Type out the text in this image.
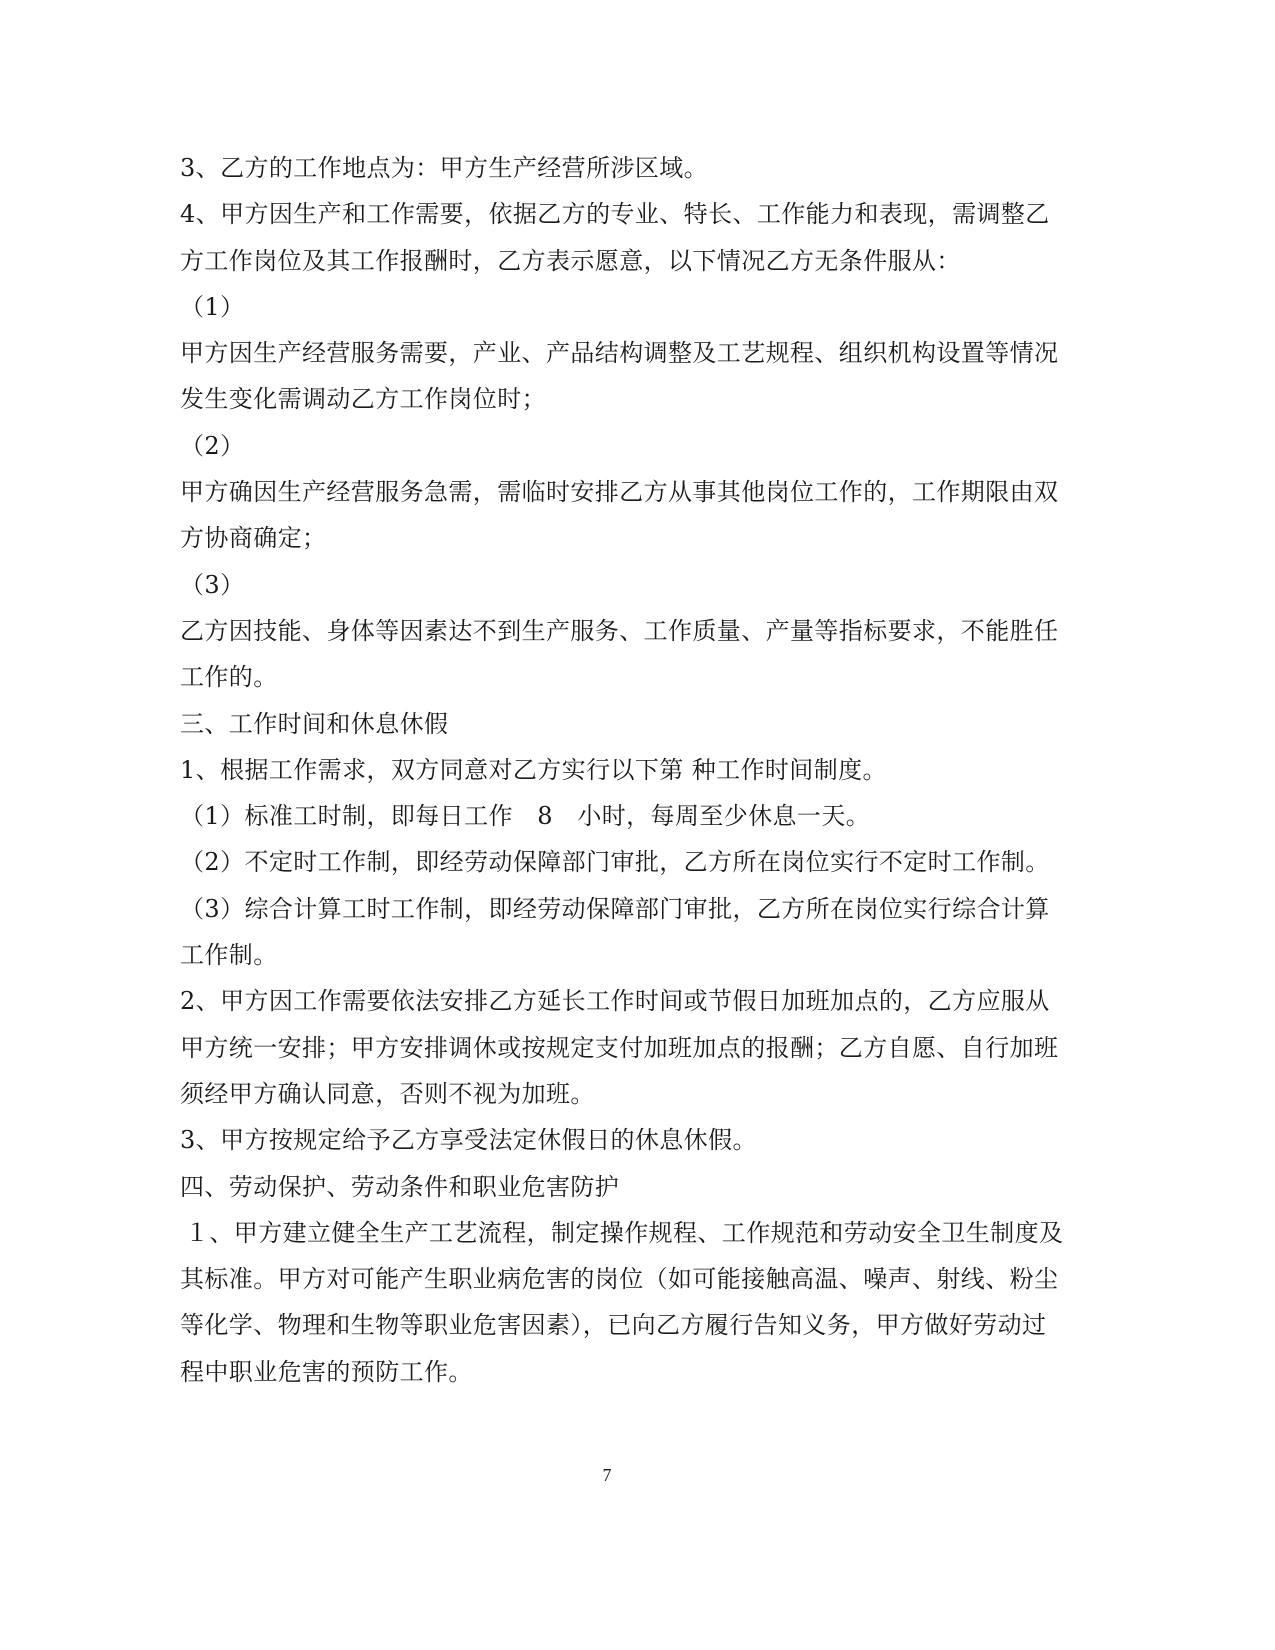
3、乙方的工作地点为：甲方生产经营所涉区域。
4、甲方因生产和工作需要，依据乙方的专业、特长、工作能力和表现，需调整乙
方工作岗位及其工作报酬时，乙方表示愿意，以下情况乙方无条件服从：
（1）
甲方因生产经营服务需要，产业、产品结构调整及工艺规程、组织机构设置等情况
发生变化需调动乙方工作岗位时；
（2）
甲方确因生产经营服务急需，需临时安排乙方从事其他岗位工作的，工作期限由双
方协商确定；
（3）
乙方因技能、身体等因素达不到生产服务、工作质量、产量等指标要求，不能胜任
工作的。
三、工作时间和休息休假
1、根据工作需求，双方同意对乙方实行以下第 种工作时间制度。
（1）标准工时制，即每日工作　8　小时，每周至少休息一天。
（2）不定时工作制，即经劳动保障部门审批，乙方所在岗位实行不定时工作制。
（3）综合计算工时工作制，即经劳动保障部门审批，乙方所在岗位实行综合计算
工作制。
2、甲方因工作需要依法安排乙方延长工作时间或节假日加班加点的，乙方应服从
甲方统一安排；甲方安排调休或按规定支付加班加点的报酬；乙方自愿、自行加班
须经甲方确认同意，否则不视为加班。
3、甲方按规定给予乙方享受法定休假日的休息休假。
四、劳动保护、劳动条件和职业危害防护
１、甲方建立健全生产工艺流程，制定操作规程、工作规范和劳动安全卫生制度及
其标准。甲方对可能产生职业病危害的岗位（如可能接触高温、噪声、射线、粉尘
等化学、物理和生物等职业危害因素），已向乙方履行告知义务，甲方做好劳动过
程中职业危害的预防工作。
7
